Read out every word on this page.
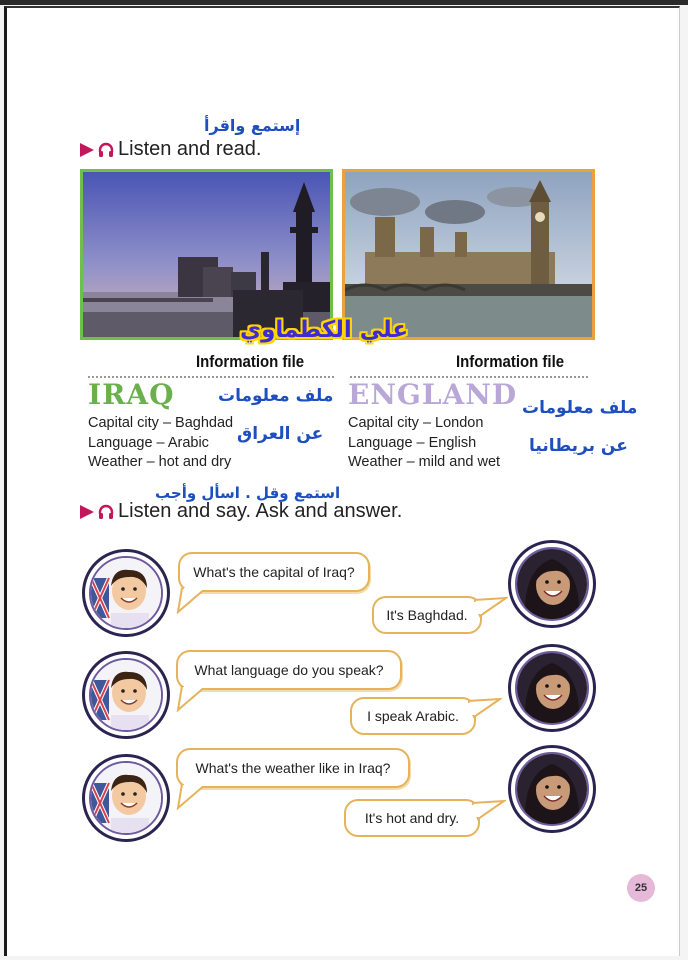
إستمع واقرأ
Listen and read.
علي الكطماوي
Information file	Information file
IRAQ	ENGLAND
ملف معلومات
عن العراق
ملف معلومات
عن بريطانيا
Capital city – Baghdad
Language – Arabic
Weather – hot and dry
Capital city – London
Language – English
Weather – mild and wet
استمع وقل . اسأل وأجب
Listen and say. Ask and answer.
What's the capital of Iraq?
It's Baghdad.
What language do you speak?
I speak Arabic.
What's the weather like in Iraq?
It's hot and dry.
25
